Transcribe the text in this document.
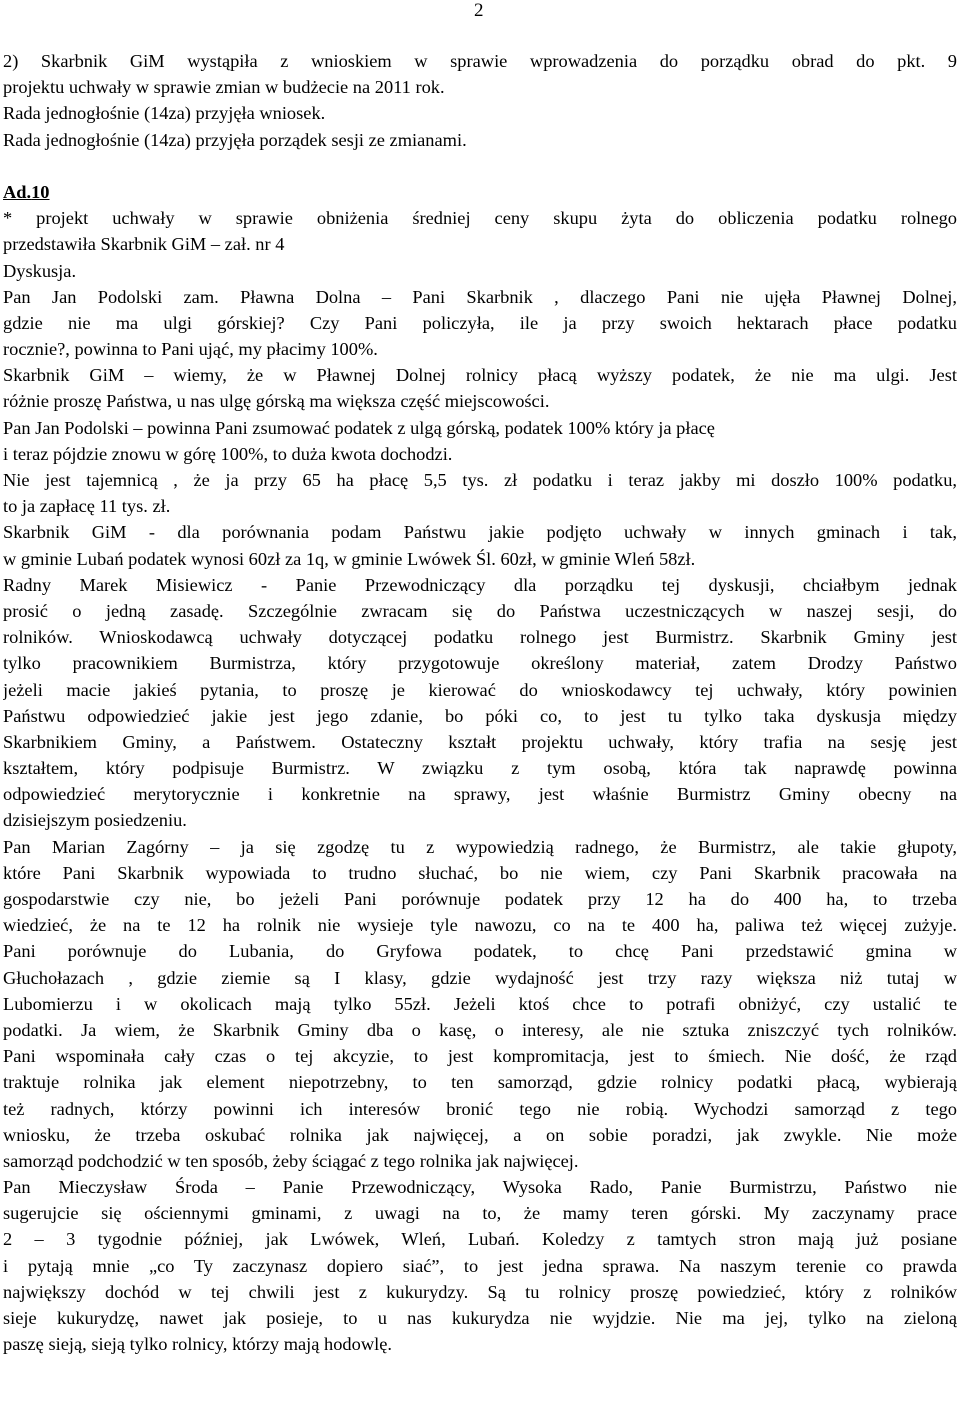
2
2) Skarbnik GiM wystąpiła z wnioskiem w sprawie wprowadzenia do porządku obrad do pkt. 9
projektu uchwały w sprawie zmian w budżecie na 2011 rok.
Rada jednogłośnie (14za) przyjęła wniosek.
Rada jednogłośnie (14za) przyjęła porządek sesji ze zmianami.
Ad.10
* projekt uchwały w sprawie obniżenia średniej ceny skupu żyta do obliczenia podatku rolnego
przedstawiła Skarbnik GiM – zał. nr 4
Dyskusja.
Pan Jan Podolski zam. Pławna Dolna – Pani Skarbnik , dlaczego Pani nie ujęła Pławnej Dolnej,
gdzie nie ma ulgi górskiej? Czy Pani policzyła, ile ja przy swoich hektarach płace podatku
rocznie?, powinna to Pani ująć, my płacimy 100%.
Skarbnik GiM – wiemy, że w Pławnej Dolnej rolnicy płacą wyższy podatek, że nie ma ulgi. Jest
różnie proszę Państwa, u nas ulgę górską ma większa część miejscowości.
Pan Jan Podolski – powinna Pani zsumować podatek z ulgą górską, podatek 100% który ja płacę
i teraz pójdzie znowu w górę 100%, to duża kwota dochodzi.
Nie jest tajemnicą , że ja przy 65 ha płacę 5,5 tys. zł podatku i teraz jakby mi doszło 100% podatku,
to ja zapłacę 11 tys. zł.
Skarbnik GiM - dla porównania podam Państwu jakie podjęto uchwały w innych gminach i tak,
w gminie Lubań podatek wynosi 60zł za 1q, w gminie Lwówek Śl. 60zł, w gminie Wleń 58zł.
Radny Marek Misiewicz - Panie Przewodniczący dla porządku tej dyskusji, chciałbym jednak
prosić o jedną zasadę. Szczególnie zwracam się do Państwa uczestniczących w naszej sesji, do
rolników. Wnioskodawcą uchwały dotyczącej podatku rolnego jest Burmistrz. Skarbnik Gminy jest
tylko pracownikiem Burmistrza, który przygotowuje określony materiał, zatem Drodzy Państwo
jeżeli macie jakieś pytania, to proszę je kierować do wnioskodawcy tej uchwały, który powinien
Państwu odpowiedzieć jakie jest jego zdanie, bo póki co, to jest tu tylko taka dyskusja między
Skarbnikiem Gminy, a Państwem. Ostateczny kształt projektu uchwały, który trafia na sesję jest
kształtem, który podpisuje Burmistrz. W związku z tym osobą, która tak naprawdę powinna
odpowiedzieć merytorycznie i konkretnie na sprawy, jest właśnie Burmistrz Gminy obecny na
dzisiejszym posiedzeniu.
Pan Marian Zagórny – ja się zgodzę tu z wypowiedzią radnego, że Burmistrz, ale takie głupoty,
które Pani Skarbnik wypowiada to trudno słuchać, bo nie wiem, czy Pani Skarbnik pracowała na
gospodarstwie czy nie, bo jeżeli Pani porównuje podatek przy 12 ha do 400 ha, to trzeba
wiedzieć, że na te 12 ha rolnik nie wysieje tyle nawozu, co na te 400 ha, paliwa też więcej zużyje.
Pani porównuje do Lubania, do Gryfowa podatek, to chcę Pani przedstawić gmina w
Głuchołazach , gdzie ziemie są I klasy, gdzie wydajność jest trzy razy większa niż tutaj w
Lubomierzu i w okolicach mają tylko 55zł. Jeżeli ktoś chce to potrafi obniżyć, czy ustalić te
podatki. Ja wiem, że Skarbnik Gminy dba o kasę, o interesy, ale nie sztuka zniszczyć tych rolników.
Pani wspominała cały czas o tej akcyzie, to jest kompromitacja, jest to śmiech. Nie dość, że rząd
traktuje rolnika jak element niepotrzebny, to ten samorząd, gdzie rolnicy podatki płacą, wybierają
też radnych, którzy powinni ich interesów bronić tego nie robią. Wychodzi samorząd z tego
wniosku, że trzeba oskubać rolnika jak najwięcej, a on sobie poradzi, jak zwykle. Nie może
samorząd podchodzić w ten sposób, żeby ściągać z tego rolnika jak najwięcej.
Pan Mieczysław Środa – Panie Przewodniczący, Wysoka Rado, Panie Burmistrzu, Państwo nie
sugerujcie się ościennymi gminami, z uwagi na to, że mamy teren górski. My zaczynamy prace
2 – 3 tygodnie później, jak Lwówek, Wleń, Lubań. Koledzy z tamtych stron mają już posiane
i pytają mnie „co Ty zaczynasz dopiero siać”, to jest jedna sprawa. Na naszym terenie co prawda
największy dochód w tej chwili jest z kukurydzy. Są tu rolnicy proszę powiedzieć, który z rolników
sieje kukurydzę, nawet jak posieje, to u nas kukurydza nie wyjdzie. Nie ma jej, tylko na zieloną
paszę sieją, sieją tylko rolnicy, którzy mają hodowlę.
